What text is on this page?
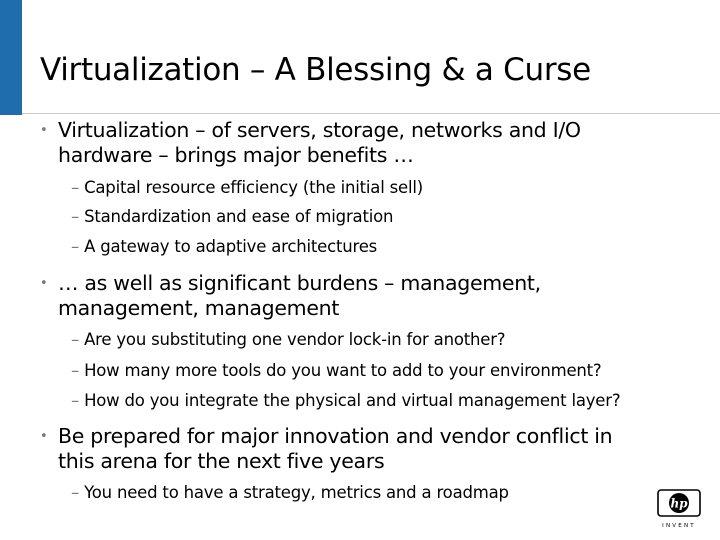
Virtualization – A Blessing & a Curse
• Virtualization – of servers, storage, networks and I/O
hardware – brings major benefits …
– Capital resource efficiency (the initial sell)
– Standardization and ease of migration
– A gateway to adaptive architectures
• … as well as significant burdens – management,
management, management
– Are you substituting one vendor lock-in for another?
– How many more tools do you want to add to your environment?
– How do you integrate the physical and virtual management layer?
• Be prepared for major innovation and vendor conflict in
this arena for the next five years
– You need to have a strategy, metrics and a roadmap
hp
INVENT
